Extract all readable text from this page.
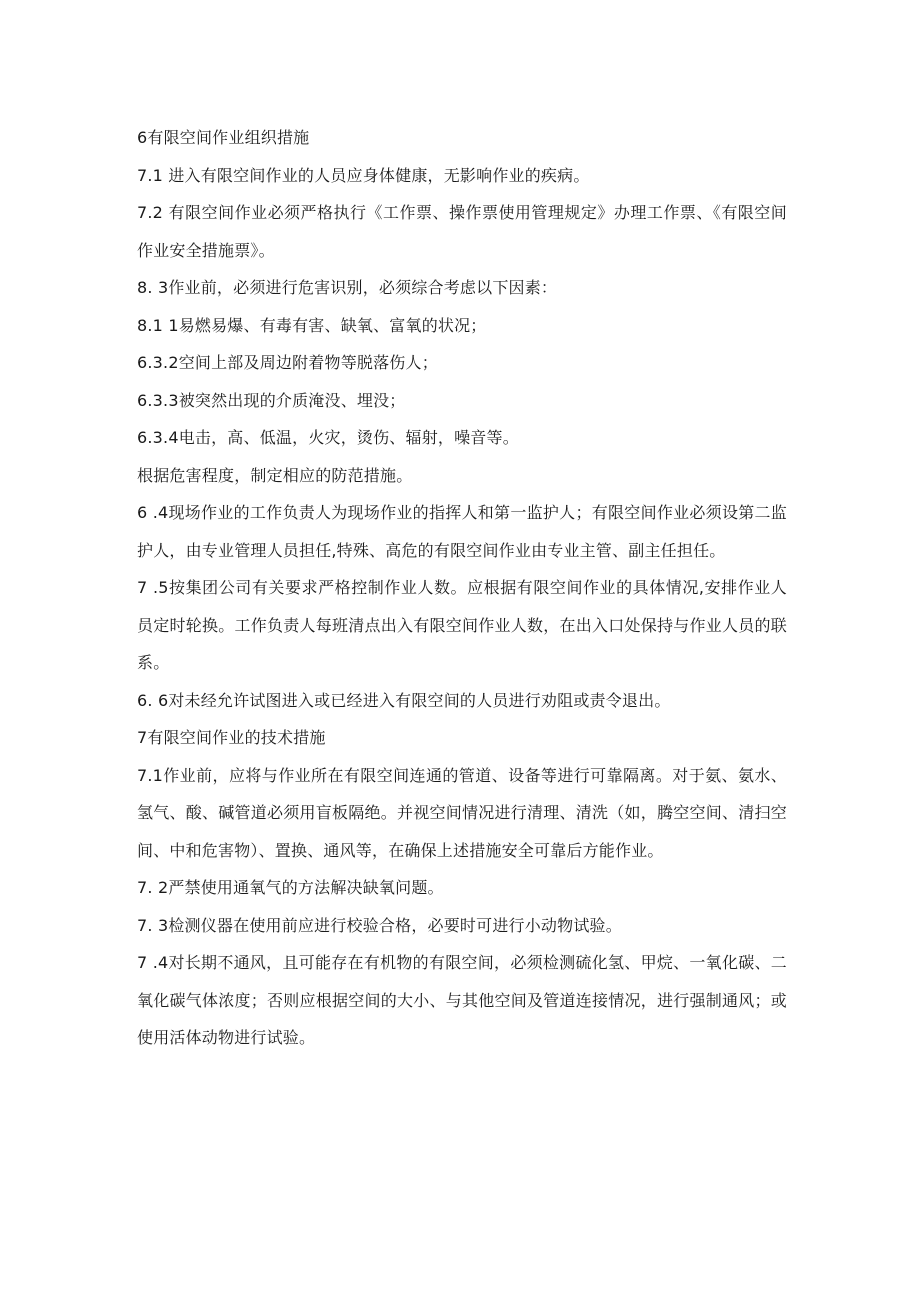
6有限空间作业组织措施

7.1 进入有限空间作业的人员应身体健康，无影响作业的疾病。

7.2 有限空间作业必须严格执行《工作票、操作票使用管理规定》办理工作票、《有限空间作业安全措施票》。

8. 3作业前，必须进行危害识别，必须综合考虑以下因素：

8.1 1易燃易爆、有毒有害、缺氧、富氧的状况；

6.3.2空间上部及周边附着物等脱落伤人；

6.3.3被突然出现的介质淹没、埋没；

6.3.4电击，高、低温，火灾，烫伤、辐射，噪音等。

根据危害程度，制定相应的防范措施。

6 .4现场作业的工作负责人为现场作业的指挥人和第一监护人；有限空间作业必须设第二监护人，由专业管理人员担任,特殊、高危的有限空间作业由专业主管、副主任担任。

7 .5按集团公司有关要求严格控制作业人数。应根据有限空间作业的具体情况,安排作业人员定时轮换。工作负责人每班清点出入有限空间作业人数，在出入口处保持与作业人员的联系。

6. 6对未经允许试图进入或已经进入有限空间的人员进行劝阻或责令退出。

7有限空间作业的技术措施

7.1作业前，应将与作业所在有限空间连通的管道、设备等进行可靠隔离。对于氨、氨水、氢气、酸、碱管道必须用盲板隔绝。并视空间情况进行清理、清洗（如，腾空空间、清扫空间、中和危害物）、置换、通风等，在确保上述措施安全可靠后方能作业。

7. 2严禁使用通氧气的方法解决缺氧问题。

7. 3检测仪器在使用前应进行校验合格，必要时可进行小动物试验。

7 .4对长期不通风，且可能存在有机物的有限空间，必须检测硫化氢、甲烷、一氧化碳、二氧化碳气体浓度；否则应根据空间的大小、与其他空间及管道连接情况，进行强制通风；或使用活体动物进行试验。
